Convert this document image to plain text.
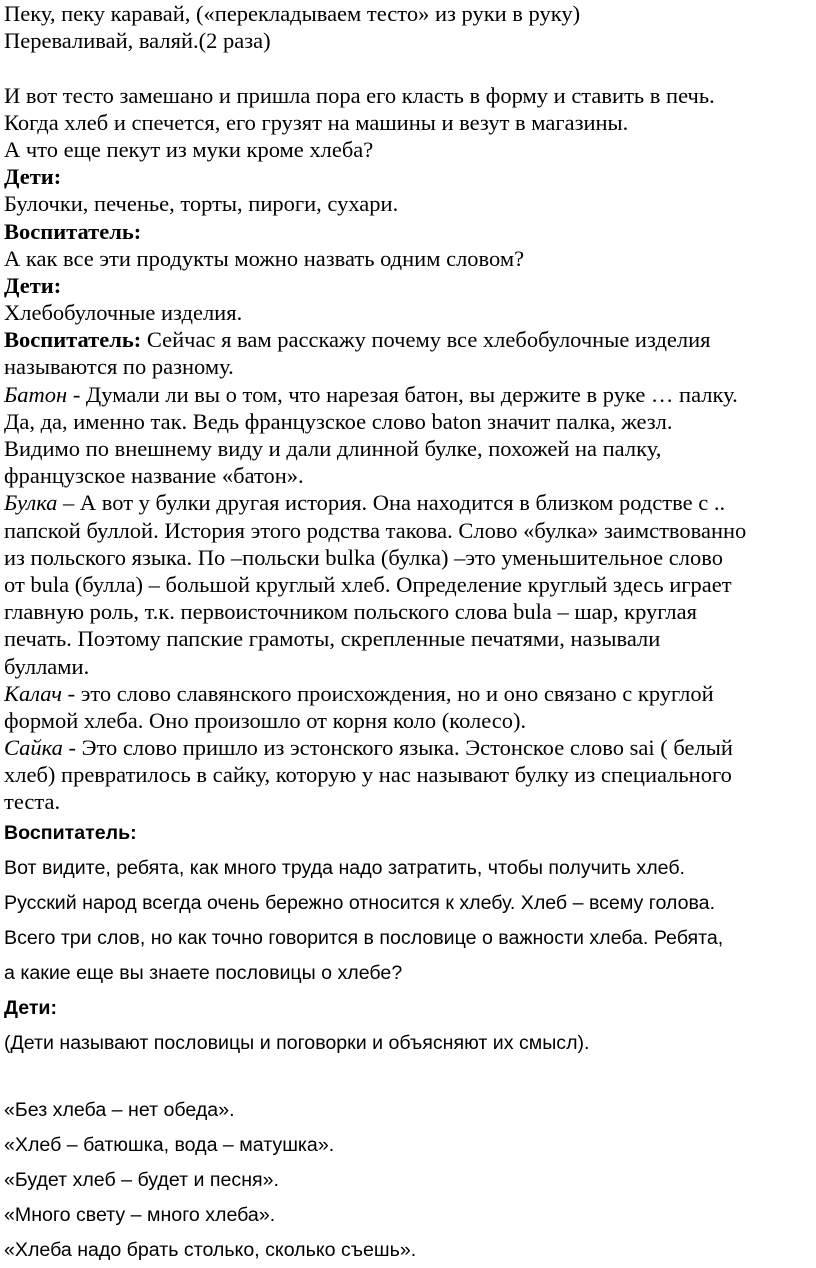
Пеку, пеку каравай, («перекладываем тесто» из руки в руку)

Переваливай, валяй.(2 раза)

И вот тесто замешано и пришла пора его класть в форму и ставить в печь.

Когда хлеб и спечется, его грузят на машины и везут в магазины.

А что еще пекут из муки кроме хлеба?

Дети:

Булочки, печенье, торты, пироги, сухари.

Воспитатель:

А как все эти продукты можно назвать одним словом?

Дети:

Хлебобулочные изделия.

Воспитатель: Сейчас я вам расскажу почему все хлебобулочные изделия

называются по разному.

Батон - Думали ли вы о том, что нарезая батон, вы держите в руке … палку.

Да, да, именно так. Ведь французское слово baton значит палка, жезл.

Видимо по внешнему виду и дали длинной булке, похожей на палку,

французское название «батон».

Булка – А вот у булки другая история. Она находится в близком родстве с ..

папской буллой. История этого родства такова. Слово «булка» заимствованно

из польского языка. По –польски bulka (булка) –это уменьшительное слово

от bula (булла) – большой круглый хлеб. Определение круглый здесь играет

главную роль, т.к. первоисточником польского слова bula – шар, круглая

печать. Поэтому папские грамоты, скрепленные печатями, называли

буллами.

Калач - это слово славянского происхождения, но и оно связано с круглой

формой хлеба. Оно произошло от корня коло (колесо).

Сайка - Это слово пришло из эстонского языка. Эстонское слово sai ( белый

хлеб) превратилось в сайку, которую у нас называют булку из специального

теста.

Воспитатель:

Вот видите, ребята, как много труда надо затратить, чтобы получить хлеб.

Русский народ всегда очень бережно относится к хлебу. Хлеб – всему голова.

Всего три слов, но как точно говорится в пословице о важности хлеба. Ребята,

а какие еще вы знаете пословицы о хлебе?

Дети:

(Дети называют пословицы и поговорки и объясняют их смысл).

«Без хлеба – нет обеда».

«Хлеб – батюшка, вода – матушка».

«Будет хлеб – будет и песня».

«Много свету – много хлеба».

«Хлеба надо брать столько, сколько съешь».
